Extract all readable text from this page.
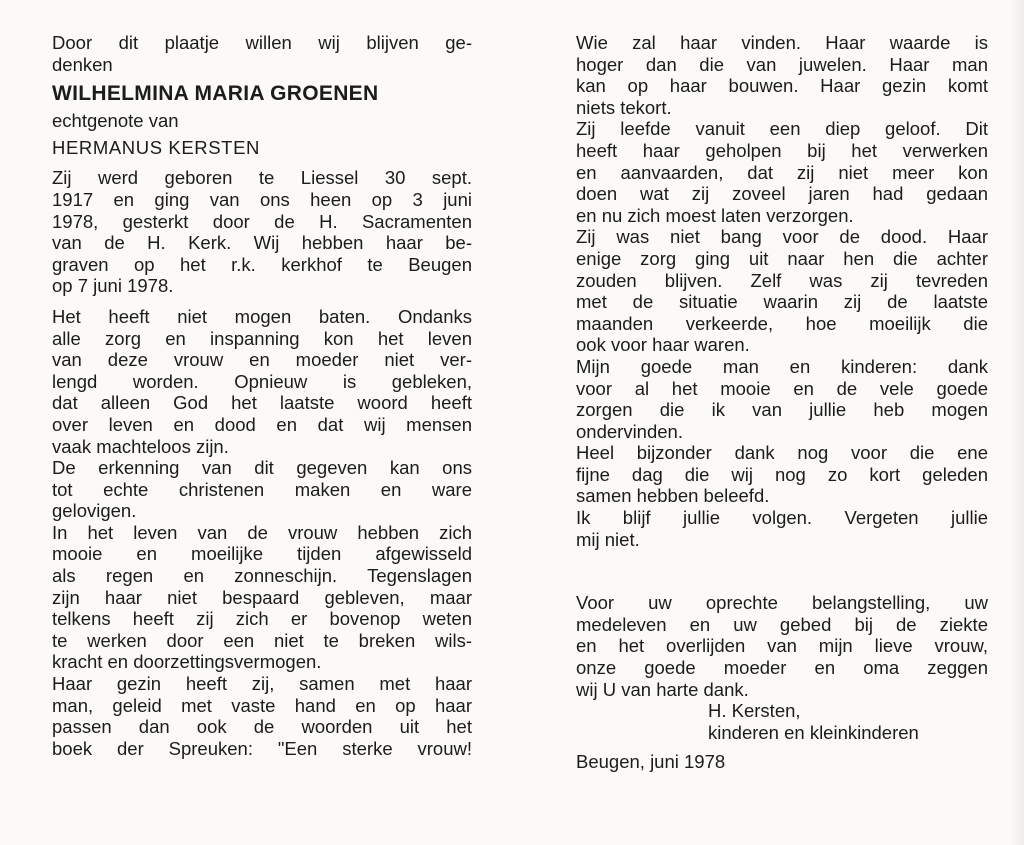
Door dit plaatje willen wij blijven ge-
denken
WILHELMINA MARIA GROENEN
echtgenote van
HERMANUS KERSTEN
Zij werd geboren te Liessel 30 sept.
1917 en ging van ons heen op 3 juni
1978, gesterkt door de H. Sacramenten
van de H. Kerk. Wij hebben haar be-
graven op het r.k. kerkhof te Beugen
op 7 juni 1978.
Het heeft niet mogen baten. Ondanks
alle zorg en inspanning kon het leven
van deze vrouw en moeder niet ver-
lengd worden. Opnieuw is gebleken,
dat alleen God het laatste woord heeft
over leven en dood en dat wij mensen
vaak machteloos zijn.
De erkenning van dit gegeven kan ons
tot echte christenen maken en ware
gelovigen.
In het leven van de vrouw hebben zich
mooie en moeilijke tijden afgewisseld
als regen en zonneschijn. Tegenslagen
zijn haar niet bespaard gebleven, maar
telkens heeft zij zich er bovenop weten
te werken door een niet te breken wils-
kracht en doorzettingsvermogen.
Haar gezin heeft zij, samen met haar
man, geleid met vaste hand en op haar
passen dan ook de woorden uit het
boek der Spreuken: "Een sterke vrouw!
Wie zal haar vinden. Haar waarde is
hoger dan die van juwelen. Haar man
kan op haar bouwen. Haar gezin komt
niets tekort.
Zij leefde vanuit een diep geloof. Dit
heeft haar geholpen bij het verwerken
en aanvaarden, dat zij niet meer kon
doen wat zij zoveel jaren had gedaan
en nu zich moest laten verzorgen.
Zij was niet bang voor de dood. Haar
enige zorg ging uit naar hen die achter
zouden blijven. Zelf was zij tevreden
met de situatie waarin zij de laatste
maanden verkeerde, hoe moeilijk die
ook voor haar waren.
Mijn goede man en kinderen: dank
voor al het mooie en de vele goede
zorgen die ik van jullie heb mogen
ondervinden.
Heel bijzonder dank nog voor die ene
fijne dag die wij nog zo kort geleden
samen hebben beleefd.
Ik blijf jullie volgen. Vergeten jullie
mij niet.
Voor uw oprechte belangstelling, uw
medeleven en uw gebed bij de ziekte
en het overlijden van mijn lieve vrouw,
onze goede moeder en oma zeggen
wij U van harte dank.
H. Kersten,
kinderen en kleinkinderen
Beugen, juni 1978
